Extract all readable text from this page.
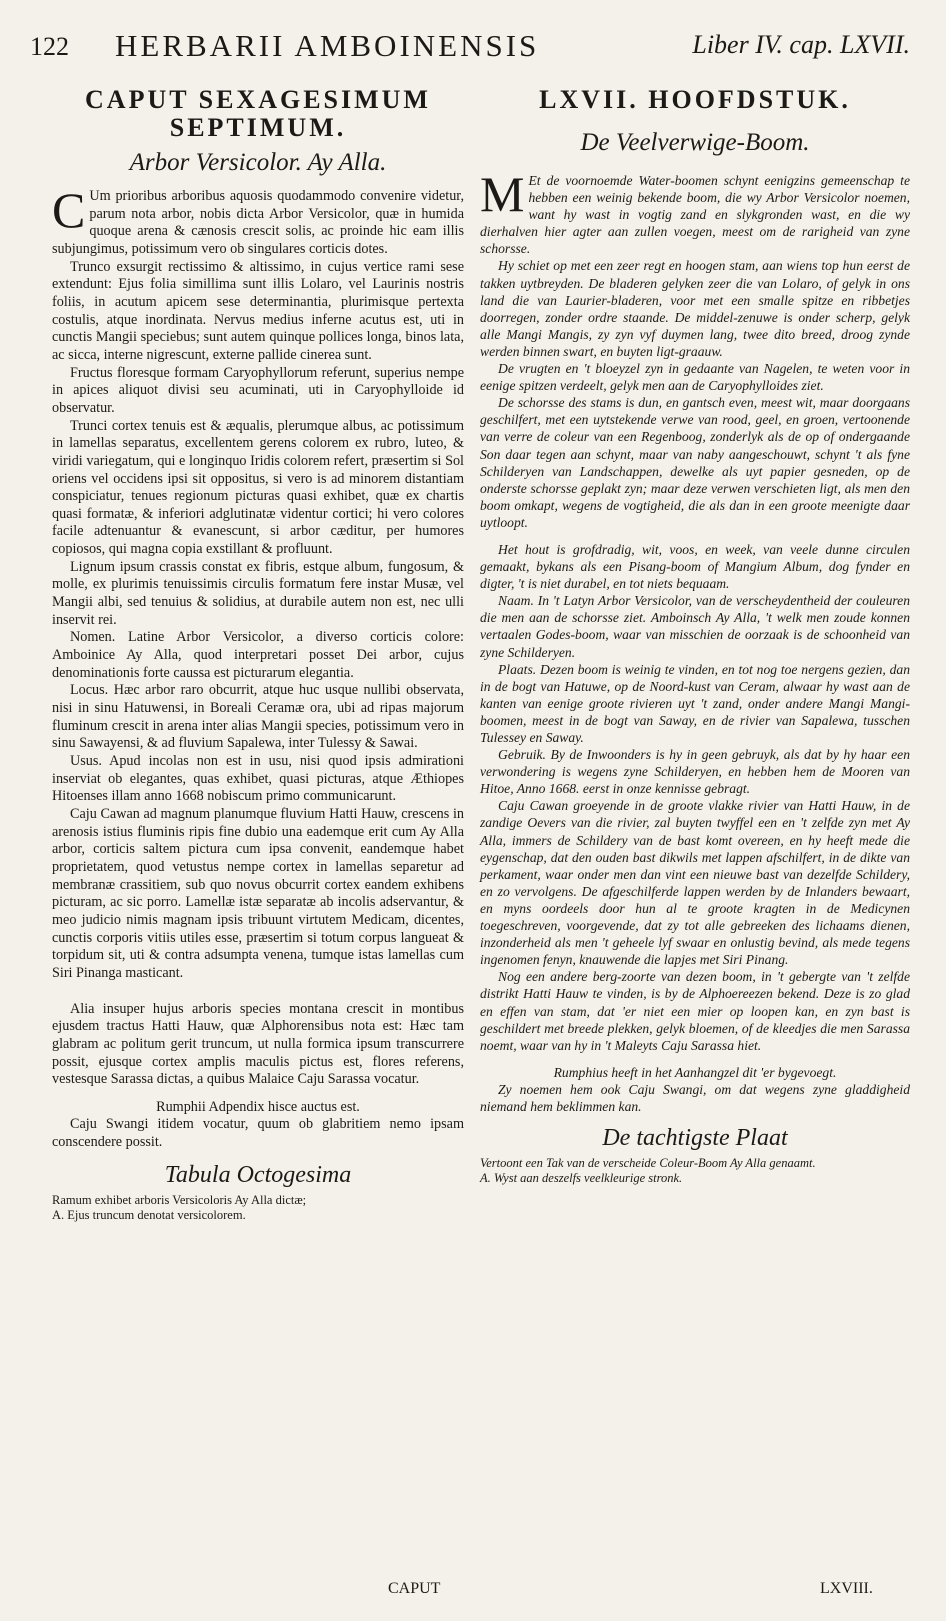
122 HERBARII AMBOINENSIS	Liber IV. cap. LXVII.
CAPUT SEXAGESIMUM SEPTIMUM.
Arbor Versicolor. Ay Alla.

C Um prioribus arboribus aquosis quodammodo convenire videtur, parum nota arbor, nobis dicta Arbor Versicolor, quæ in humida quoque arena & cænosis crescit solis, ac proinde hic eam illis subjungimus, potissimum vero ob singulares corticis dotes.

Trunco exsurgit rectissimo & altissimo, in cujus vertice rami sese extendunt: Ejus folia simillima sunt illis Lolaro, vel Laurinis nostris foliis, in acutum apicem sese determinantia, plurimisque pertexta costulis, atque inordinata. Nervus medius inferne acutus est, uti in cunctis Mangii speciebus; sunt autem quinque pollices longa, binos lata, ac sicca, interne nigrescunt, externe pallide cinerea sunt.

Fructus floresque formam Caryophyllorum referunt, superius nempe in apices aliquot divisi seu acuminati, uti in Caryophylloide id observatur.

Trunci cortex tenuis est & æqualis, plerumque albus, ac potissimum in lamellas separatus, excellentem gerens colorem ex rubro, luteo, & viridi variegatum, qui e longinquo Iridis colorem refert, præsertim si Sol oriens vel occidens ipsi sit oppositus, si vero is ad minorem distantiam conspiciatur, tenues regionum picturas quasi exhibet, quæ ex chartis quasi formatæ, & inferiori adglutinatæ videntur cortici; hi vero colores facile adtenuantur & evanescunt, si arbor cæditur, per humores copiosos, qui magna copia exstillant & profluunt.

Lignum ipsum crassis constat ex fibris, estque album, fungosum, & molle, ex plurimis tenuissimis circulis formatum fere instar Musæ, vel Mangii albi, sed tenuius & solidius, at durabile autem non est, nec ulli inservit rei.

Nomen. Latine Arbor Versicolor, a diverso corticis colore: Amboinice Ay Alla, quod interpretari posset Dei arbor, cujus denominationis forte caussa est picturarum elegantia.

Locus. Hæc arbor raro obcurrit, atque huc usque nullibi observata, nisi in sinu Hatuwensi, in Boreali Ceramæ ora, ubi ad ripas majorum fluminum crescit in arena inter alias Mangii species, potissimum vero in sinu Sawayensi, & ad fluvium Sapalewa, inter Tulessy & Sawai.

Usus. Apud incolas non est in usu, nisi quod ipsis admirationi inserviat ob elegantes, quas exhibet, quasi picturas, atque Æthiopes Hitoenses illam anno 1668 nobiscum primo communicarunt.

Caju Cawan ad magnum planumque fluvium Hatti Hauw, crescens in arenosis istius fluminis ripis fine dubio una eademque erit cum Ay Alla arbor, corticis saltem pictura cum ipsa convenit, eandemque habet proprietatem, quod vetustus nempe cortex in lamellas separetur ad membranæ crassitiem, sub quo novus obcurrit cortex eandem exhibens picturam, ac sic porro. Lamellæ istæ separatæ ab incolis adservantur, & meo judicio nimis magnam ipsis tribuunt virtutem Medicam, dicentes, cunctis corporis vitiis utiles esse, præsertim si totum corpus langueat & torpidum sit, uti & contra adsumpta venena, tumque istas lamellas cum Siri Pinanga masticant.

Alia insuper hujus arboris species montana crescit in montibus ejusdem tractus Hatti Hauw, quæ Alphorensibus nota est: Hæc tam glabram ac politum gerit truncum, ut nulla formica ipsum transcurrere possit, ejusque cortex amplis maculis pictus est, flores referens, vestesque Sarassa dictas, a quibus Malaice Caju Sarassa vocatur.

Rumphii Adpendix hisce auctus est.

Caju Swangi itidem vocatur, quum ob glabritiem nemo ipsam conscendere possit.

Tabula Octogesima

Ramum exhibet arboris Versicoloris Ay Alla dictæ;

A. Ejus truncum denotat versicolorem.

LXVII. HOOFDSTUK.
De Veelverwige-Boom.

M Et de voornoemde Water-boomen schynt eenigzins gemeenschap te hebben een weinig bekende boom, die wy Arbor Versicolor noemen, want hy wast in vogtig zand en slykgronden wast, en die wy dierhalven hier agter aan zullen voegen, meest om de rarigheid van zyne schorsse.

Hy schiet op met een zeer regt en hoogen stam, aan wiens top hun eerst de takken uytbreyden. De bladeren gelyken zeer die van Lolaro, of gelyk in ons land die van Laurier-bladeren, voor met een smalle spitze en ribbetjes doorregen, zonder ordre staande. De middel-zenuwe is onder scherp, gelyk alle Mangi Mangis, zy zyn vyf duymen lang, twee dito breed, droog zynde werden binnen swart, en buyten ligt-graauw.

De vrugten en 't bloeyzel zyn in gedaante van Nagelen, te weten voor in eenige spitzen verdeelt, gelyk men aan de Caryophylloides ziet.

De schorsse des stams is dun, en gantsch even, meest wit, maar doorgaans geschilfert, met een uytstekende verwe van rood, geel, en groen, vertoonende van verre de coleur van een Regenboog, zonderlyk als de op of ondergaande Son daar tegen aan schynt, maar van naby aangeschouwt, schynt 't als fyne Schilderyen van Landschappen, dewelke als uyt papier gesneden, op de onderste schorsse geplakt zyn; maar deze verwen verschieten ligt, als men den boom omkapt, wegens de vogtigheid, die als dan in een groote meenigte daar uytloopt.

Het hout is grofdradig, wit, voos, en week, van veele dunne circulen gemaakt, bykans als een Pisang-boom of Mangium Album, dog fynder en digter, 't is niet durabel, en tot niets bequaam.

Naam. In 't Latyn Arbor Versicolor, van de verscheydentheid der couleuren die men aan de schorsse ziet. Amboinsch Ay Alla, 't welk men zoude konnen vertaalen Godes-boom, waar van misschien de oorzaak is de schoonheid van zyne Schilderyen.

Plaats. Dezen boom is weinig te vinden, en tot nog toe nergens gezien, dan in de bogt van Hatuwe, op de Noord-kust van Ceram, alwaar hy wast aan de kanten van eenige groote rivieren uyt 't zand, onder andere Mangi Mangi-boomen, meest in de bogt van Saway, en de rivier van Sapalewa, tusschen Tulessey en Saway.

Gebruik. By de Inwoonders is hy in geen gebruyk, als dat by hy haar een verwondering is wegens zyne Schilderyen, en hebben hem de Mooren van Hitoe, Anno 1668. eerst in onze kennisse gebragt.

Caju Cawan groeyende in de groote vlakke rivier van Hatti Hauw, in de zandige Oevers van die rivier, zal buyten twyffel een en 't zelfde zyn met Ay Alla, immers de Schildery van de bast komt overeen, en hy heeft mede die eygenschap, dat den ouden bast dikwils met lappen afschilfert, in de dikte van perkament, waar onder men dan vint een nieuwe bast van dezelfde Schildery, en zo vervolgens. De afgeschilferde lappen werden by de Inlanders bewaart, en myns oordeels door hun al te groote kragten in de Medicynen toegeschreven, voorgevende, dat zy tot alle gebreeken des lichaams dienen, inzonderheid als men 't geheele lyf swaar en onlustig bevind, als mede tegens ingenomen fenyn, knauwende die lapjes met Siri Pinang.

Nog een andere berg-zoorte van dezen boom, in 't gebergte van 't zelfde distrikt Hatti Hauw te vinden, is by de Alphoereezen bekend. Deze is zo glad en effen van stam, dat 'er niet een mier op loopen kan, en zyn bast is geschildert met breede plekken, gelyk bloemen, of de kleedjes die men Sarassa noemt, waar van hy in 't Maleyts Caju Sarassa hiet.

Rumphius heeft in het Aanhangzel dit 'er bygevoegt.

Zy noemen hem ook Caju Swangi, om dat wegens zyne gladdigheid niemand hem beklimmen kan.

De tachtigste Plaat

Vertoont een Tak van de verscheide Coleur-Boom Ay Alla genaamt.

A. Wyst aan deszelfs veelkleurige stronk.

CAPUT	LXVIII.
